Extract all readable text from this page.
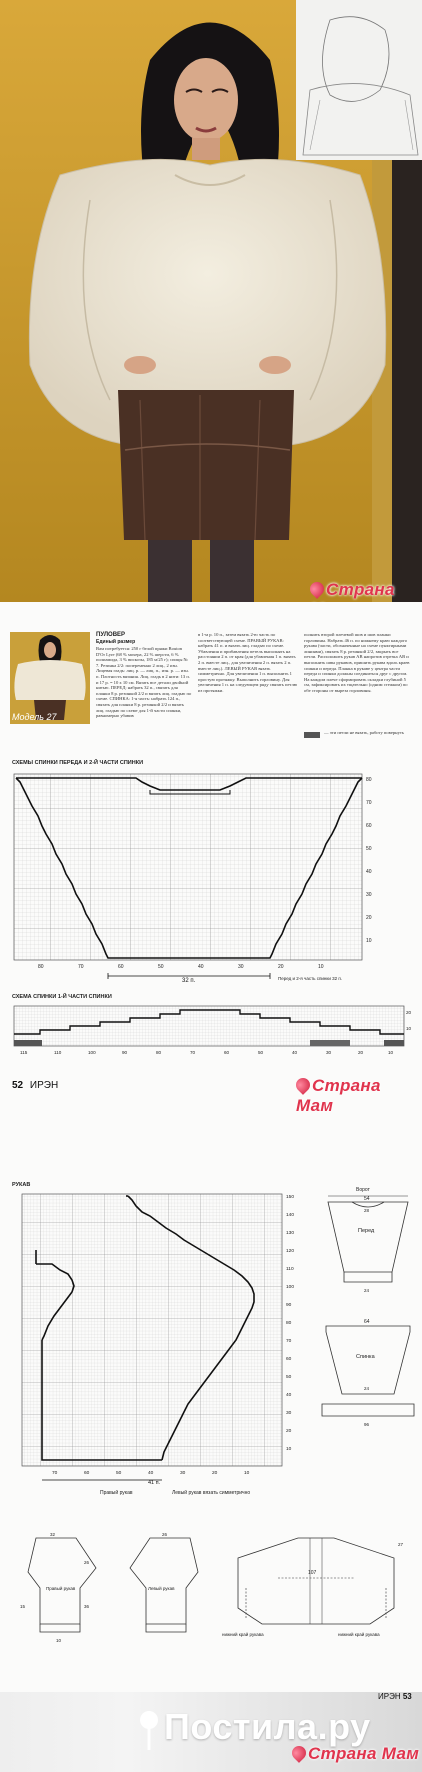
Страна
Модель 27
ПУЛОВЕР
Единый размер
Вам потребуется: 250 г белой пряжи Bouton D'Or Lyre (68 % мохера, 22 % шерсти, 6 % полиамида, 3 % вискозы, 185 м/25 г); спицы № 7. Резинка 2/2: попеременно 2 лиц., 2 изн. Лицевая гладь: лиц. р. — лиц. п., изн. р. — изн. п. Плотность вязания. Лиц. гладь в 2 нити: 13 п. и 17 р. = 10 х 10 см. Вязать все детали двойной нитью. ПЕРЕД: набрать 32 п., связать для планки 8 р. резинкой 2/2 и вязать лиц. гладью по схеме. СПИНКА: 1-я часть: набрать 124 п., связать для планки 8 р. резинкой 2/2 и вязать лиц. гладью по схеме для 1-й части спинки, равномерно убавив
в 1-м р. 10 п., затем вязать 2-ю часть по соответствующей схеме. ПРАВЫЙ РУКАВ: набрать 41 п. и вязать лиц. гладью по схеме. Убавления и прибавления петель выполнять на расстоянии 2 п. от края (для убавления 1 п. вязать 2 п. вместе лиц., для увеличения 2 п. вязать 2 п. вместе лиц.). ЛЕВЫЙ РУКАВ вязать симметрично. Для увеличения 1 п. выполнить 1 простую протяжку. Выполнить горловину. Для увеличения 1 п. на следующем ряду связать петлю из протяжки.
полнить второй плечевой шов и шов планки горловины. Набрать 46 п. по нижнему краю каждого рукава (части, обозначенные на схеме пунктирными линиями), связать 8 р. резинкой 2/2, закрыть все петли. Расположить рукав АВ напротив отрезка АВ и выполнить швы рукавов, пришить рукава вдоль краев спинки и переда. Планка в рукаве у центра части переда и спинки должны соединиться друг с другом. На каждом плече сформировать складки глубиной 5 см, зафиксировать их тщательно (одним стежком) по обе стороны от выреза горловины.
— эти петли не вязать, работу повернуть
СХЕМЫ СПИНКИ ПЕРЕДА И 2-Й ЧАСТИ СПИНКИ
80
70
60
50
40
30
20
10
80	70	60	50	40	30	20	10
32 п.	Перед и 2-я часть спинки 32 п.
СХЕМА СПИНКИ 1-Й ЧАСТИ СПИНКИ
115	110	100	90	80	70	60	50	40	30	20	10
20
10
52 ИРЭН	Страна Мам
РУКАВ
150
140
130
120
110
100
90
80
70
60
50
40
30
20
10
70	60	50	40	30	20	10
41 п.
Правый рукав	Левый рукав вязать симметрично
Ворот
54
Перед
28
24
64
Спинка
24
96
32
Правый рукав
26
36
15
10
Левый рукав
26
107
27
нижний край рукава	нижний край рукава
Постила.ру
Страна Мам
ИРЭН 53
